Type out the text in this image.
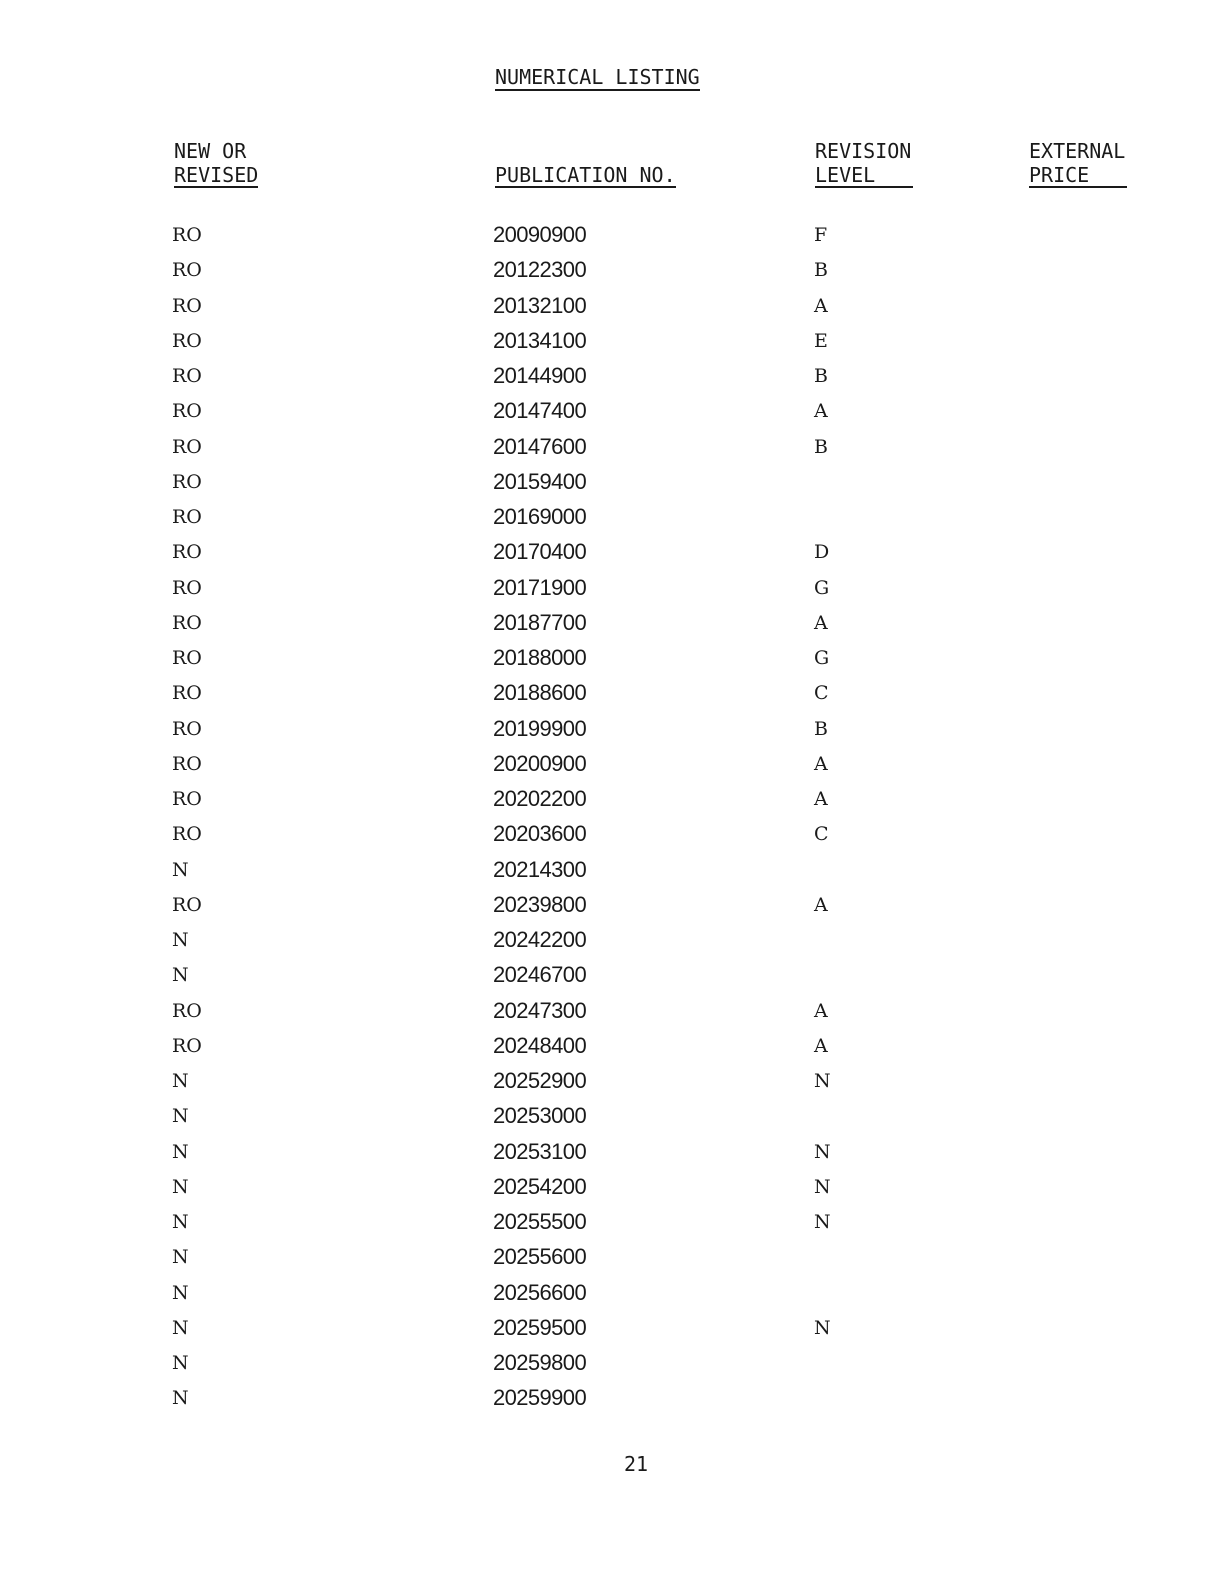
NUMERICAL LISTING
NEW OR
REVISED	PUBLICATION NO.
REVISION
LEVEL
EXTERNAL
PRICE
RO	20090900	F
RO	20122300	B
RO	20132100	A
RO	20134100	E
RO	20144900	B
RO	20147400	A
RO	20147600	B
RO	20159400
RO	20169000
RO	20170400	D
RO	20171900	G
RO	20187700	A
RO	20188000	G
RO	20188600	C
RO	20199900	B
RO	20200900	A
RO	20202200	A
RO	20203600	C
N	20214300
RO	20239800	A
N	20242200
N	20246700
RO	20247300	A
RO	20248400	A
N	20252900	N
N	20253000
N	20253100	N
N	20254200	N
N	20255500	N
N	20255600
N	20256600
N	20259500	N
N	20259800
N	20259900
21
